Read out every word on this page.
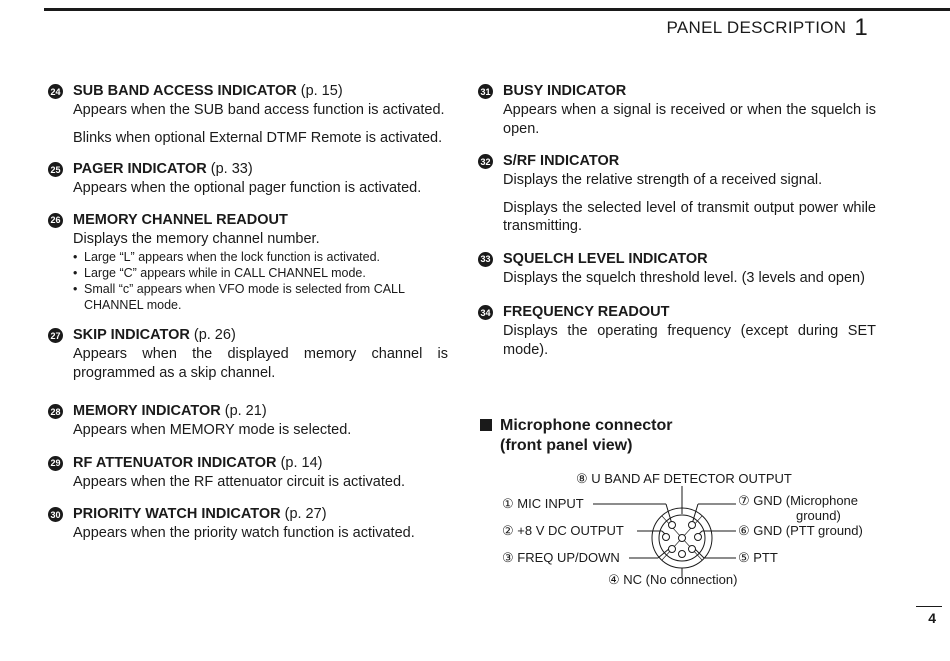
PANEL DESCRIPTION 1
24 SUB BAND ACCESS INDICATOR (p. 15)

Appears when the SUB band access function is activated.

Blinks when optional External DTMF Remote is activated.

25 PAGER INDICATOR (p. 33)

Appears when the optional pager function is activated.

26 MEMORY CHANNEL READOUT

Displays the memory channel number.

• Large “L” appears when the lock function is activated.
• Large “C” appears while in CALL CHANNEL mode.
• Small “c” appears when VFO mode is selected from CALL CHANNEL mode.
27 SKIP INDICATOR (p. 26)

Appears when the displayed memory channel is programmed as a skip channel.

28 MEMORY INDICATOR (p. 21)

Appears when MEMORY mode is selected.

29 RF ATTENUATOR INDICATOR (p. 14)

Appears when the RF attenuator circuit is activated.

30 PRIORITY WATCH INDICATOR (p. 27)

Appears when the priority watch function is activated.

31 BUSY INDICATOR

Appears when a signal is received or when the squelch is open.

32 S/RF INDICATOR

Displays the relative strength of a received signal.

Displays the selected level of transmit output power while transmitting.

33 SQUELCH LEVEL INDICATOR

Displays the squelch threshold level. (3 levels and open)

34 FREQUENCY READOUT

Displays the operating frequency (except during SET mode).

Microphone connector
(front panel view)
⑧ U BAND AF DETECTOR OUTPUT
① MIC INPUT
② +8 V DC OUTPUT
③ FREQ UP/DOWN
④ NC (No connection)
⑤ PTT
⑥ GND (PTT ground)
⑦ GND (Microphone
ground)
4
